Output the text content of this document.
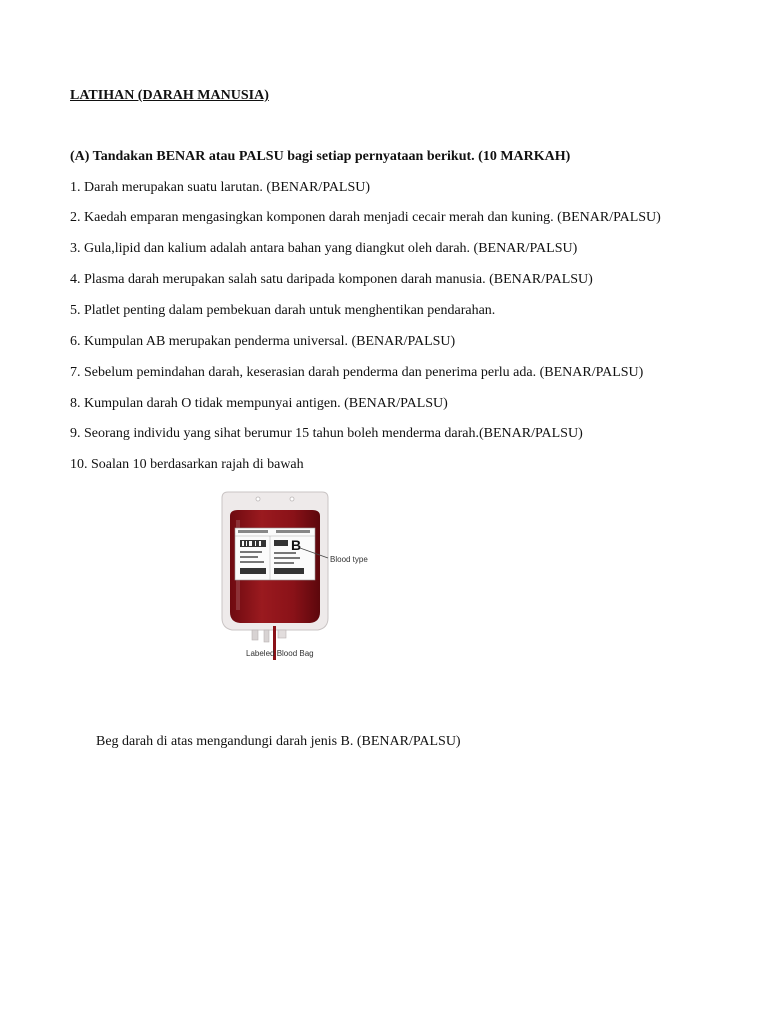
LATIHAN (DARAH MANUSIA)
(A) Tandakan BENAR atau PALSU bagi setiap pernyataan berikut. (10 MARKAH)
1. Darah merupakan suatu larutan. (BENAR/PALSU)
2. Kaedah emparan mengasingkan komponen darah menjadi cecair merah dan kuning. (BENAR/PALSU)
3. Gula,lipid dan kalium adalah antara bahan yang diangkut oleh darah. (BENAR/PALSU)
4. Plasma darah merupakan salah satu daripada komponen darah manusia. (BENAR/PALSU)
5. Platlet penting dalam pembekuan darah untuk menghentikan pendarahan.
6. Kumpulan AB merupakan penderma universal. (BENAR/PALSU)
7. Sebelum pemindahan darah, keserasian darah penderma dan penerima perlu ada. (BENAR/PALSU)
8. Kumpulan darah O tidak mempunyai antigen. (BENAR/PALSU)
9. Seorang individu yang sihat berumur 15 tahun boleh menderma darah.(BENAR/PALSU)
10. Soalan 10 berdasarkan rajah di bawah
B
Blood type
Labeled Blood Bag
Beg darah di atas mengandungi darah jenis B. (BENAR/PALSU)
